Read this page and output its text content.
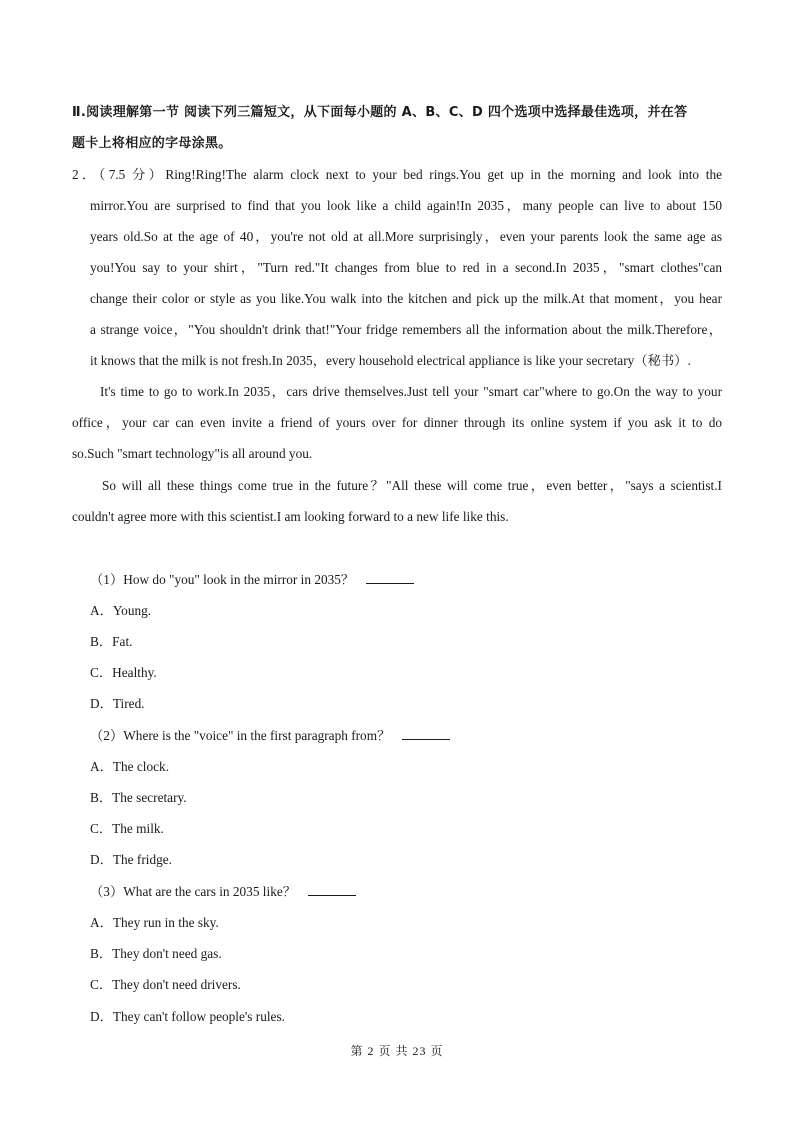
Ⅱ.阅读理解第一节 阅读下列三篇短文，从下面每小题的 A、B、C、D 四个选项中选择最佳选项，并在答
题卡上将相应的字母涂黑。
2．（7.5 分）Ring!Ring!The alarm clock next to your bed rings.You get up in the morning and look into the
mirror.You are surprised to find that you look like a child again!In 2035，many people can live to about 150
years old.So at the age of 40，you're not old at all.More surprisingly，even your parents look the same age as
you!You say to your shirt，"Turn red."It changes from blue to red in a second.In 2035，"smart clothes"can
change their color or style as you like.You walk into the kitchen and pick up the milk.At that moment，you hear
a strange voice，"You shouldn't drink that!"Your fridge remembers all the information about the milk.Therefore，
it knows that the milk is not fresh.In 2035，every household electrical appliance is like your secretary（秘书）.
It's time to go to work.In 2035，cars drive themselves.Just tell your "smart car"where to go.On the way to your
office，your car can even invite a friend of yours over for dinner through its online system if you ask it to do
so.Such "smart technology"is all around you.
So will all these things come true in the future？"All these will come true，even better，"says a scientist.I
couldn't agree more with this scientist.I am looking forward to a new life like this.
（1）How do "you" look in the mirror in 2035？
A．Young.
B．Fat.
C．Healthy.
D．Tired.
（2）Where is the "voice" in the first paragraph from？
A．The clock.
B．The secretary.
C．The milk.
D．The fridge.
（3）What are the cars in 2035 like？
A．They run in the sky.
B．They don't need gas.
C．They don't need drivers.
D．They can't follow people's rules.
第 2 页 共 23 页
